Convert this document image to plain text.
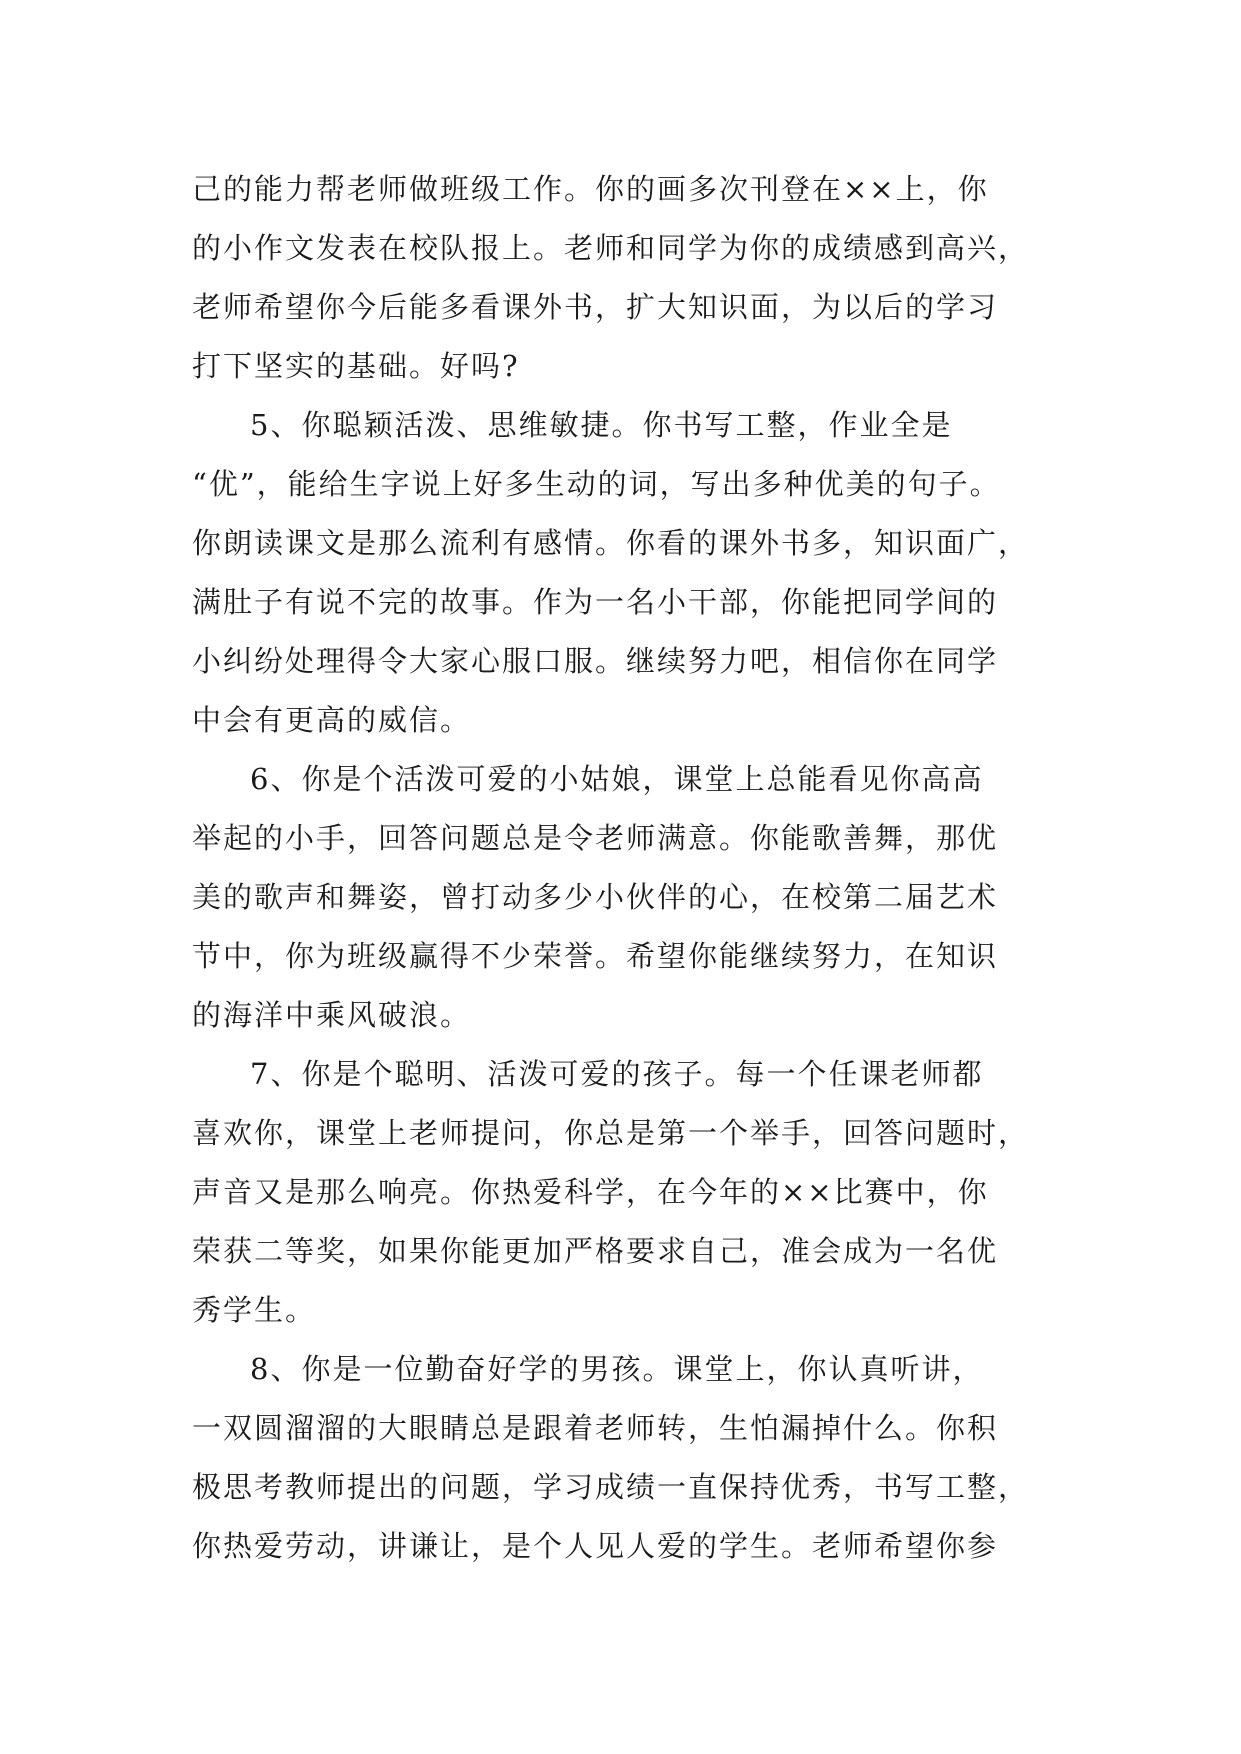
己的能力帮老师做班级工作。你的画多次刊登在××上，你
的小作文发表在校队报上。老师和同学为你的成绩感到高兴，
老师希望你今后能多看课外书，扩大知识面，为以后的学习
打下坚实的基础。好吗?
5、你聪颖活泼、思维敏捷。你书写工整，作业全是
“优”，能给生字说上好多生动的词，写出多种优美的句子。
你朗读课文是那么流利有感情。你看的课外书多，知识面广，
满肚子有说不完的故事。作为一名小干部，你能把同学间的
小纠纷处理得令大家心服口服。继续努力吧，相信你在同学
中会有更高的威信。
6、你是个活泼可爱的小姑娘，课堂上总能看见你高高
举起的小手，回答问题总是令老师满意。你能歌善舞，那优
美的歌声和舞姿，曾打动多少小伙伴的心，在校第二届艺术
节中，你为班级赢得不少荣誉。希望你能继续努力，在知识
的海洋中乘风破浪。
7、你是个聪明、活泼可爱的孩子。每一个任课老师都
喜欢你，课堂上老师提问，你总是第一个举手，回答问题时，
声音又是那么响亮。你热爱科学，在今年的××比赛中，你
荣获二等奖，如果你能更加严格要求自己，准会成为一名优
秀学生。
8、你是一位勤奋好学的男孩。课堂上，你认真听讲，
一双圆溜溜的大眼睛总是跟着老师转，生怕漏掉什么。你积
极思考教师提出的问题，学习成绩一直保持优秀，书写工整，
你热爱劳动，讲谦让，是个人见人爱的学生。老师希望你参
